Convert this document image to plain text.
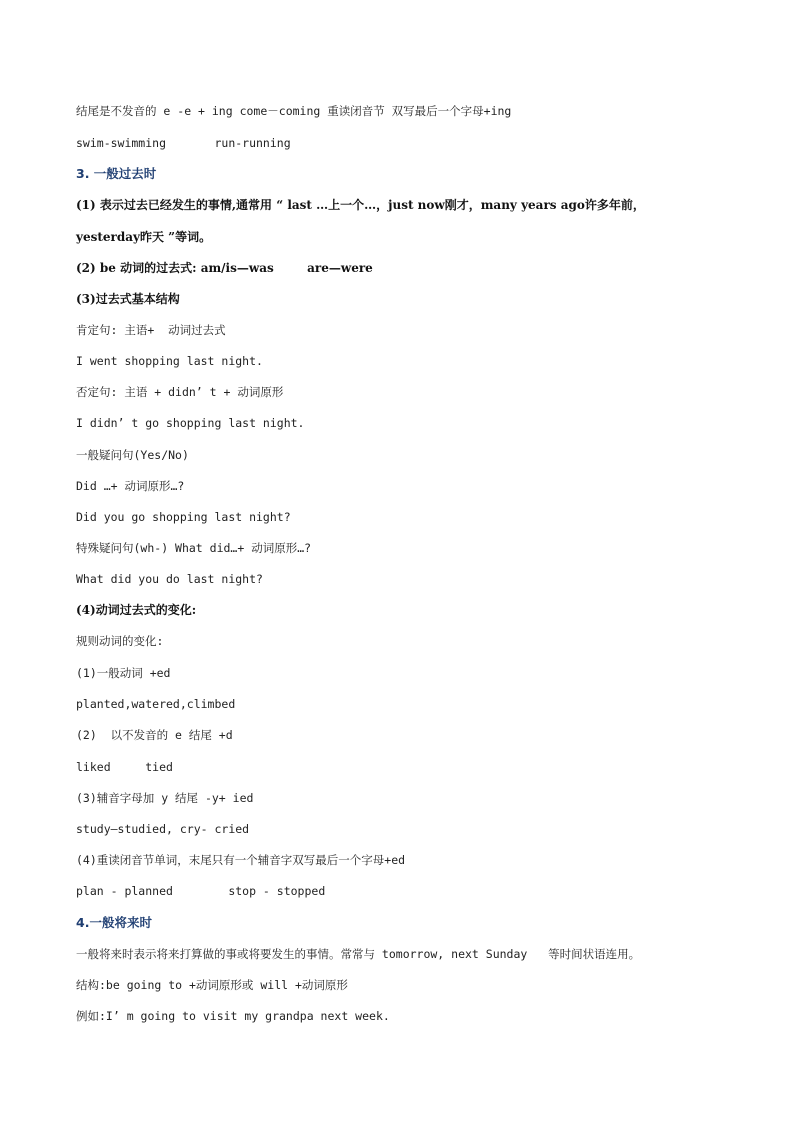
结尾是不发音的 e -e + ing come－coming 重读闭音节 双写最后一个字母+ing
swim-swimming       run-running
3. 一般过去时
(1) 表示过去已经发生的事情,通常用 “ last …上一个…，just now刚才，many years ago许多年前，
yesterday昨天 ”等词。
(2) be 动词的过去式: am/is—was        are—were
(3)过去式基本结构
肯定句: 主语+  动词过去式
I went shopping last night.
否定句: 主语 + didn’ t + 动词原形
I didn’ t go shopping last night.
一般疑问句(Yes/No)
Did …+ 动词原形…?
Did you go shopping last night?
特殊疑问句(wh-) What did…+ 动词原形…?
What did you do last night?
(4)动词过去式的变化:
规则动词的变化:
(1)一般动词 +ed
planted,watered,climbed
(2)  以不发音的 e 结尾 +d
liked     tied
(3)辅音字母加 y 结尾 -y+ ied
study—studied, cry- cried
(4)重读闭音节单词，末尾只有一个辅音字双写最后一个字母+ed
plan - planned        stop - stopped
4.一般将来时
一般将来时表示将来打算做的事或将要发生的事情。常常与 tomorrow, next Sunday   等时间状语连用。
结构:be going to +动词原形或 will +动词原形
例如:I’ m going to visit my grandpa next week.
